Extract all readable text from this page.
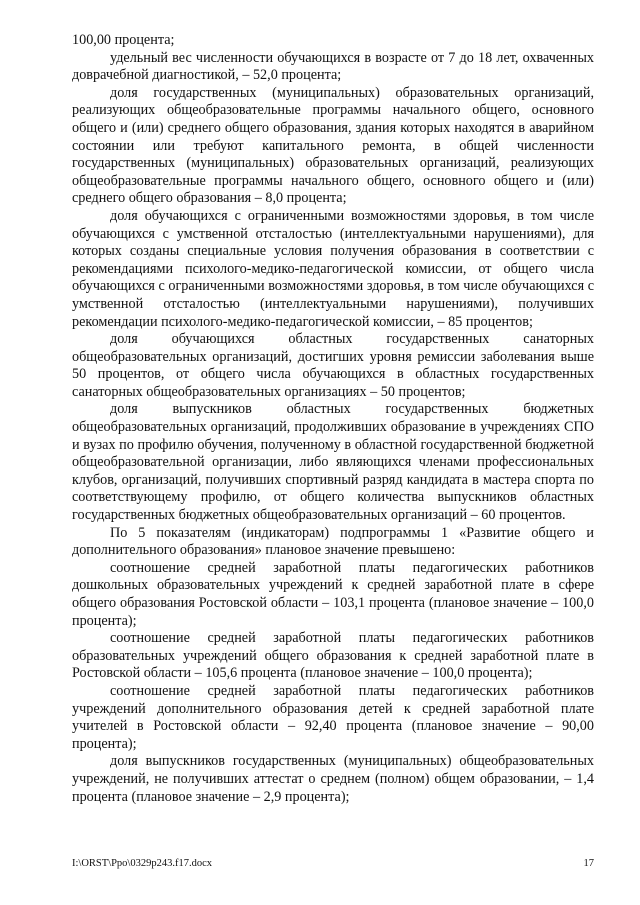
100,00 процента;

удельный вес численности обучающихся в возрасте от 7 до 18 лет, охваченных доврачебной диагностикой, – 52,0 процента;

доля государственных (муниципальных) образовательных организаций, реализующих общеобразовательные программы начального общего, основного общего и (или) среднего общего образования, здания которых находятся в аварийном состоянии или требуют капитального ремонта, в общей численности государственных (муниципальных) образовательных организаций, реализующих общеобразовательные программы начального общего, основного общего и (или) среднего общего образования – 8,0 процента;

доля обучающихся с ограниченными возможностями здоровья, в том числе обучающихся с умственной отсталостью (интеллектуальными нарушениями), для которых созданы специальные условия получения образования в соответствии с рекомендациями психолого-медико-педагогической комиссии, от общего числа обучающихся с ограниченными возможностями здоровья, в том числе обучающихся с умственной отсталостью (интеллектуальными нарушениями), получивших рекомендации психолого-медико-педагогической комиссии, – 85 процентов;

доля обучающихся областных государственных санаторных общеобразовательных организаций, достигших уровня ремиссии заболевания выше 50 процентов, от общего числа обучающихся в областных государственных санаторных общеобразовательных организациях – 50 процентов;

доля выпускников областных государственных бюджетных общеобразовательных организаций, продолживших образование в учреждениях СПО и вузах по профилю обучения, полученному в областной государственной бюджетной общеобразовательной организации, либо являющихся членами профессиональных клубов, организаций, получивших спортивный разряд кандидата в мастера спорта по соответствующему профилю, от общего количества выпускников областных государственных бюджетных общеобразовательных организаций – 60 процентов.

По 5 показателям (индикаторам) подпрограммы 1 «Развитие общего и дополнительного образования» плановое значение превышено:

соотношение средней заработной платы педагогических работников дошкольных образовательных учреждений к средней заработной плате в сфере общего образования Ростовской области – 103,1 процента (плановое значение – 100,0 процента);

соотношение средней заработной платы педагогических работников образовательных учреждений общего образования к средней заработной плате в Ростовской области – 105,6 процента (плановое значение – 100,0 процента);

соотношение средней заработной платы педагогических работников учреждений дополнительного образования детей к средней заработной плате учителей в Ростовской области – 92,40 процента (плановое значение – 90,00 процента);

доля выпускников государственных (муниципальных) общеобразовательных учреждений, не получивших аттестат о среднем (полном) общем образовании, – 1,4 процента (плановое значение – 2,9 процента);

I:\ORST\Ppo\0329p243.f17.docx	17
